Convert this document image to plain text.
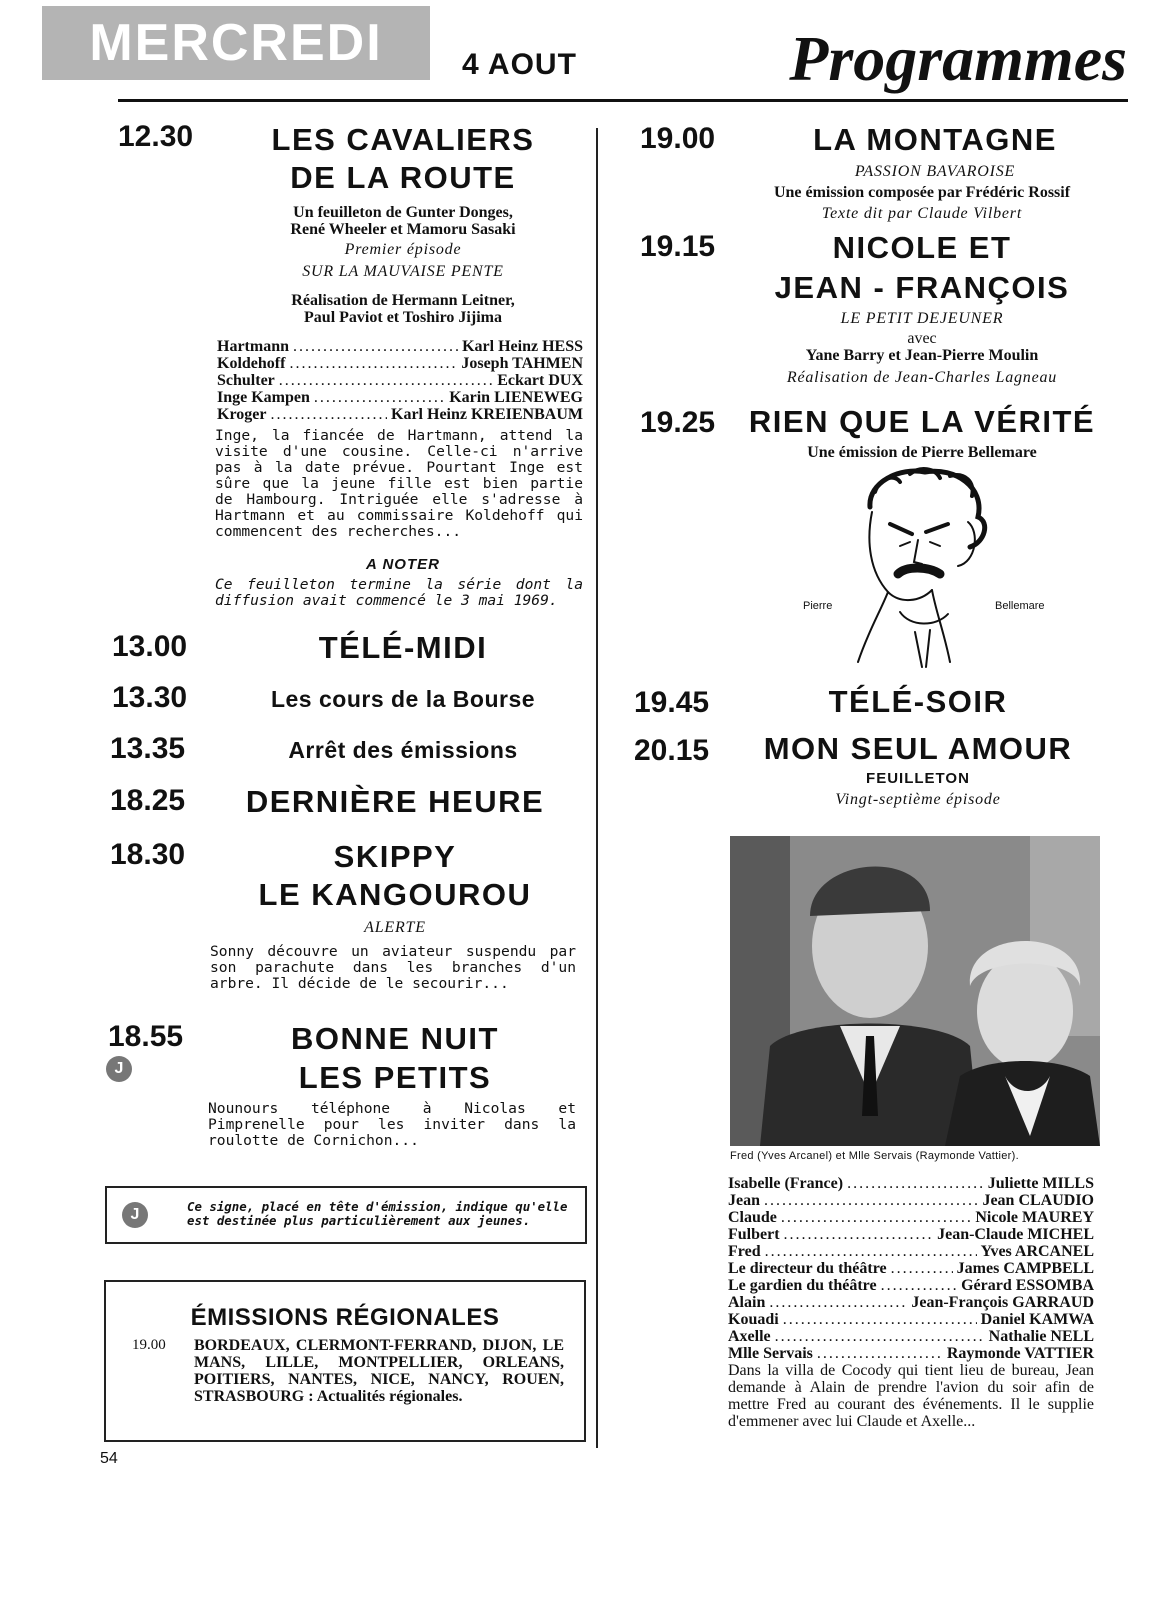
MERCREDI	4 AOUT	Programmes
12.30	LES CAVALIERS
DE LA ROUTE
Un feuilleton de Gunter Donges,
René Wheeler et Mamoru Sasaki
Premier épisode
SUR LA MAUVAISE PENTE
Réalisation de Hermann Leitner,
Paul Paviot et Toshiro Jijima
Hartmann .....	Karl Heinz HESS
Koldehoff .....	Joseph TAHMEN
Schulter .....	Eckart DUX
Inge Kampen .....	Karin LIENEWEG
Kroger .....	Karl Heinz KREIENBAUM
Inge, la fiancée de Hartmann, attend la visite d'une cousine. Celle-ci n'arrive pas à la date prévue. Pourtant Inge est sûre que la jeune fille est bien partie de Hambourg. Intriguée elle s'adresse à Hartmann et au commissaire Koldehoff qui commencent des recherches...
A NOTER
Ce feuilleton termine la série dont la diffusion avait commencé le 3 mai 1969.
13.00	TÉLÉ-MIDI
13.30	Les cours de la Bourse
13.35	Arrêt des émissions
18.25	DERNIÈRE HEURE
18.30	SKIPPY
LE KANGOUROU
ALERTE
Sonny découvre un aviateur suspendu par son parachute dans les branches d'un arbre. Il décide de le secourir...
18.55
J
BONNE NUIT
LES PETITS
Nounours téléphone à Nicolas et Pimprenelle pour les inviter dans la roulotte de Cornichon...
J	Ce signe, placé en tête d'émission, indique qu'elle
est destinée plus particulièrement aux jeunes.
ÉMISSIONS RÉGIONALES
19.00 BORDEAUX, CLERMONT-FERRAND, DIJON, LE MANS, LILLE, MONTPELLIER, ORLEANS, POITIERS, NANTES, NICE, NANCY, ROUEN, STRASBOURG : Actualités régionales.
54
19.00	LA MONTAGNE
PASSION BAVAROISE
Une émission composée par Frédéric Rossif
Texte dit par Claude Vilbert
19.15	NICOLE ET
JEAN - FRANÇOIS
LE PETIT DEJEUNER
avec
Yane Barry et Jean-Pierre Moulin
Réalisation de Jean-Charles Lagneau
19.25	RIEN QUE LA VÉRITÉ
Une émission de Pierre Bellemare
Pierre	Bellemare
19.45	TÉLÉ-SOIR
20.15	MON SEUL AMOUR
FEUILLETON
Vingt-septième épisode
Fred (Yves Arcanel) et Mlle Servais (Raymonde Vattier).
Isabelle (France) .....	Juliette MILLS
Jean .....	Jean CLAUDIO
Claude .....	Nicole MAUREY
Fulbert .....	Jean-Claude MICHEL
Fred .....	Yves ARCANEL
Le directeur du théâtre .....	James CAMPBELL
Le gardien du théâtre .....	Gérard ESSOMBA
Alain .....	Jean-François GARRAUD
Kouadi .....	Daniel KAMWA
Axelle .....	Nathalie NELL
Mlle Servais .....	Raymonde VATTIER
Dans la villa de Cocody qui tient lieu de bureau, Jean demande à Alain de prendre l'avion du soir afin de mettre Fred au courant des événements. Il le supplie d'emmener avec lui Claude et Axelle...
